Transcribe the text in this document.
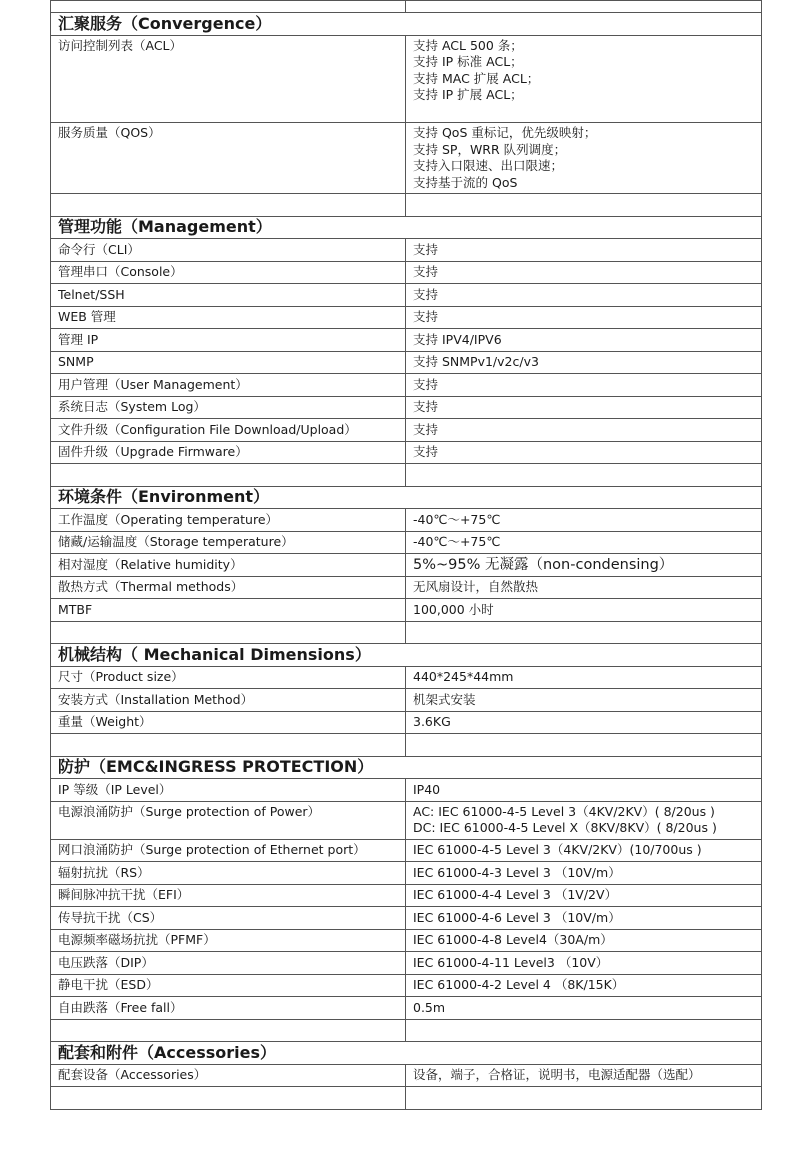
汇聚服务（Convergence）	
访问控制列表（ACL）	支持 ACL 500 条；
支持 IP 标准 ACL；
支持 MAC 扩展 ACL；
支持 IP 扩展 ACL；

服务质量（QOS）	支持 QoS 重标记，优先级映射；
支持 SP，WRR 队列调度；
支持入口限速、出口限速；
支持基于流的 QoS

管理功能（Management）	
命令行（CLI）	支持
管理串口（Console）	支持
Telnet/SSH	支持
WEB 管理	支持
管理 IP	支持 IPV4/IPV6
SNMP	支持 SNMPv1/v2c/v3
用户管理（User Management）	支持
系统日志（System Log）	支持
文件升级（Configuration File Download/Upload）	支持
固件升级（Upgrade Firmware）	支持

环境条件（Environment）	
工作温度（Operating temperature）	-40℃～+75℃
储藏/运输温度（Storage temperature）	-40℃～+75℃
相对湿度（Relative humidity）	5%~95% 无凝露（non-condensing）
散热方式（Thermal methods）	无风扇设计，自然散热
MTBF	100,000 小时

机械结构（ Mechanical Dimensions）	
尺寸（Product size）	440*245*44mm
安装方式（Installation Method）	机架式安装
重量（Weight）	3.6KG

防护（EMC&INGRESS PROTECTION）	
IP 等级（IP Level）	IP40
电源浪涌防护（Surge protection of Power）	AC: IEC 61000-4-5 Level 3（4KV/2KV）( 8/20us )
DC: IEC 61000-4-5 Level X（8KV/8KV）( 8/20us )

网口浪涌防护（Surge protection of Ethernet port）	IEC 61000-4-5 Level 3（4KV/2KV）(10/700us )
辐射抗扰（RS）	IEC 61000-4-3 Level 3 （10V/m）
瞬间脉冲抗干扰（EFI）	IEC 61000-4-4 Level 3 （1V/2V）
传导抗干扰（CS）	IEC 61000-4-6 Level 3 （10V/m）
电源频率磁场抗扰（PFMF）	IEC 61000-4-8 Level4（30A/m）
电压跌落（DIP）	IEC 61000-4-11 Level3 （10V）
静电干扰（ESD）	IEC 61000-4-2 Level 4 （8K/15K）
自由跌落（Free fall）	0.5m

配套和附件（Accessories）	
配套设备（Accessories）	设备，端子，合格证，说明书，电源适配器（选配）
